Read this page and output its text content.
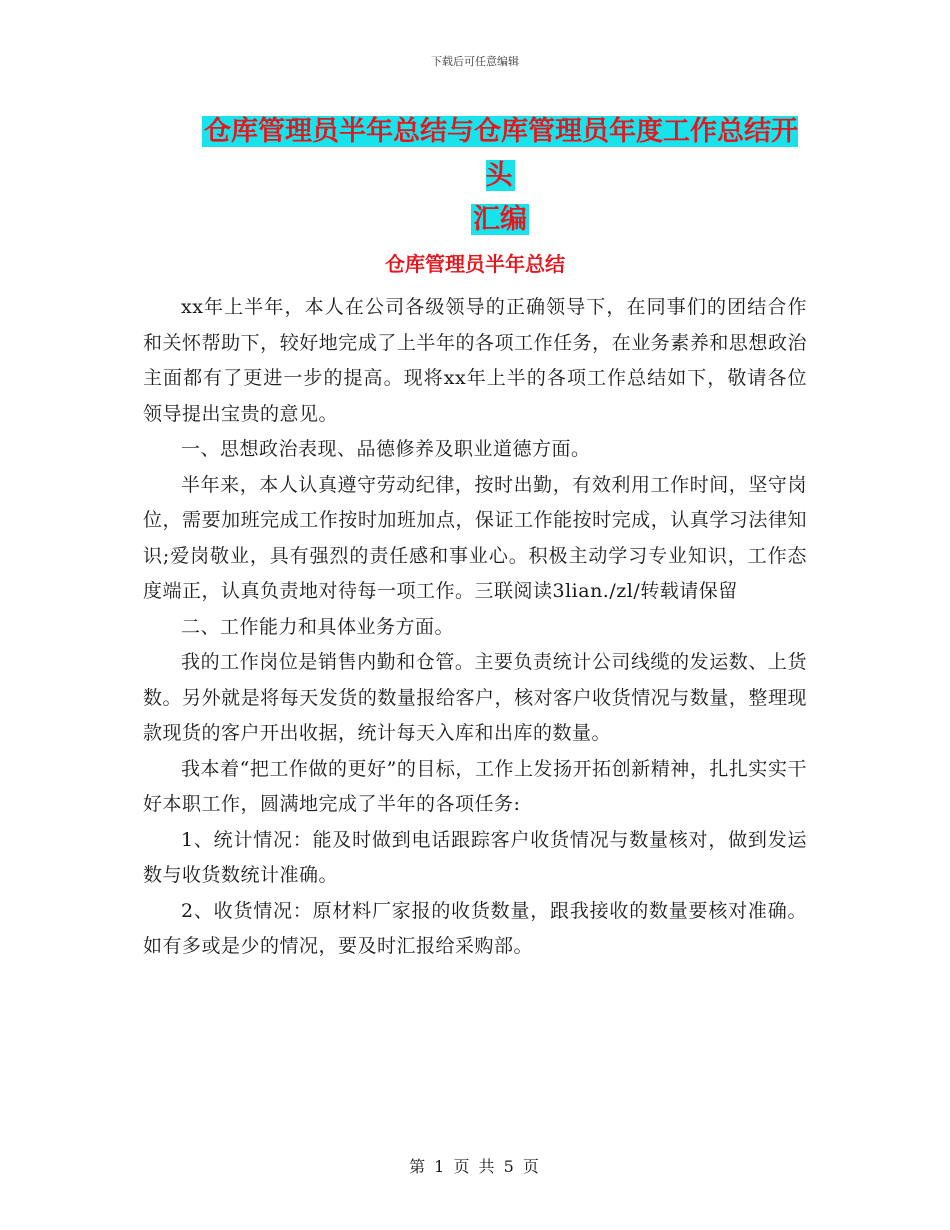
下载后可任意编辑
仓库管理员半年总结与仓库管理员年度工作总结开头
汇编
仓库管理员半年总结

xx年上半年，本人在公司各级领导的正确领导下，在同事们的团结合作和关怀帮助下，较好地完成了上半年的各项工作任务，在业务素养和思想政治主面都有了更进一步的提高。现将xx年上半的各项工作总结如下，敬请各位领导提出宝贵的意见。

一、思想政治表现、品德修养及职业道德方面。

半年来，本人认真遵守劳动纪律，按时出勤，有效利用工作时间，坚守岗位，需要加班完成工作按时加班加点，保证工作能按时完成，认真学习法律知识;爱岗敬业，具有强烈的责任感和事业心。积极主动学习专业知识，工作态度端正，认真负责地对待每一项工作。三联阅读3lian./zl/转载请保留

二、工作能力和具体业务方面。

我的工作岗位是销售内勤和仓管。主要负责统计公司线缆的发运数、上货数。另外就是将每天发货的数量报给客户，核对客户收货情况与数量，整理现款现货的客户开出收据，统计每天入库和出库的数量。

我本着“把工作做的更好”的目标，工作上发扬开拓创新精神，扎扎实实干好本职工作，圆满地完成了半年的各项任务:

1、统计情况：能及时做到电话跟踪客户收货情况与数量核对，做到发运数与收货数统计准确。

2、收货情况：原材料厂家报的收货数量，跟我接收的数量要核对准确。如有多或是少的情况，要及时汇报给采购部。

第 1 页 共 5 页
